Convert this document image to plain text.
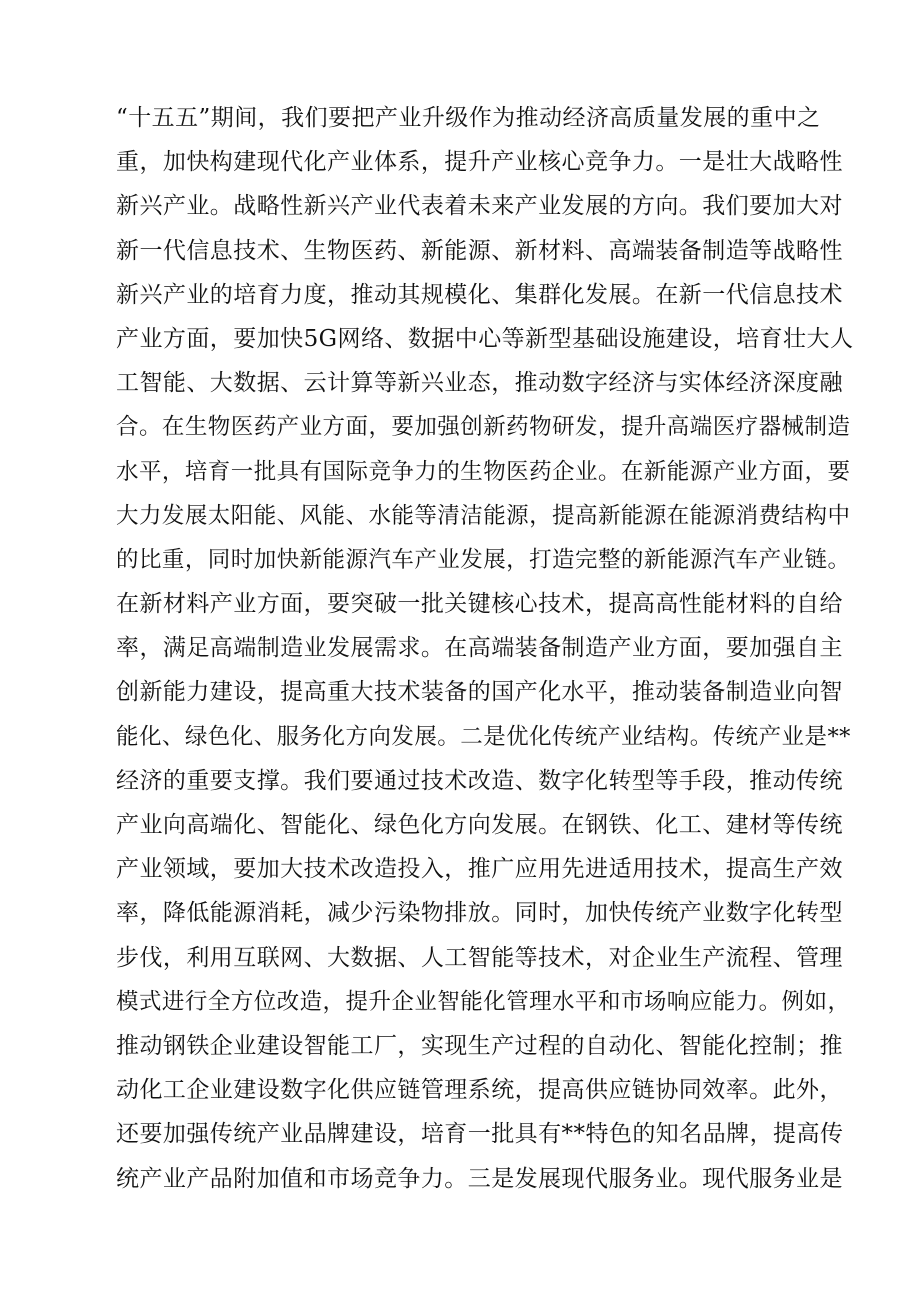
“十五五”期间，我们要把产业升级作为推动经济高质量发展的重中之
重，加快构建现代化产业体系，提升产业核心竞争力。一是壮大战略性
新兴产业。战略性新兴产业代表着未来产业发展的方向。我们要加大对
新一代信息技术、生物医药、新能源、新材料、高端装备制造等战略性
新兴产业的培育力度，推动其规模化、集群化发展。在新一代信息技术
产业方面，要加快5G网络、数据中心等新型基础设施建设，培育壮大人
工智能、大数据、云计算等新兴业态，推动数字经济与实体经济深度融
合。在生物医药产业方面，要加强创新药物研发，提升高端医疗器械制造
水平，培育一批具有国际竞争力的生物医药企业。在新能源产业方面，要
大力发展太阳能、风能、水能等清洁能源，提高新能源在能源消费结构中
的比重，同时加快新能源汽车产业发展，打造完整的新能源汽车产业链。
在新材料产业方面，要突破一批关键核心技术，提高高性能材料的自给
率，满足高端制造业发展需求。在高端装备制造产业方面，要加强自主
创新能力建设，提高重大技术装备的国产化水平，推动装备制造业向智
能化、绿色化、服务化方向发展。二是优化传统产业结构。传统产业是**
经济的重要支撑。我们要通过技术改造、数字化转型等手段，推动传统
产业向高端化、智能化、绿色化方向发展。在钢铁、化工、建材等传统
产业领域，要加大技术改造投入，推广应用先进适用技术，提高生产效
率，降低能源消耗，减少污染物排放。同时，加快传统产业数字化转型
步伐，利用互联网、大数据、人工智能等技术，对企业生产流程、管理
模式进行全方位改造，提升企业智能化管理水平和市场响应能力。例如，
推动钢铁企业建设智能工厂，实现生产过程的自动化、智能化控制；推
动化工企业建设数字化供应链管理系统，提高供应链协同效率。此外，
还要加强传统产业品牌建设，培育一批具有**特色的知名品牌，提高传
统产业产品附加值和市场竞争力。三是发展现代服务业。现代服务业是
